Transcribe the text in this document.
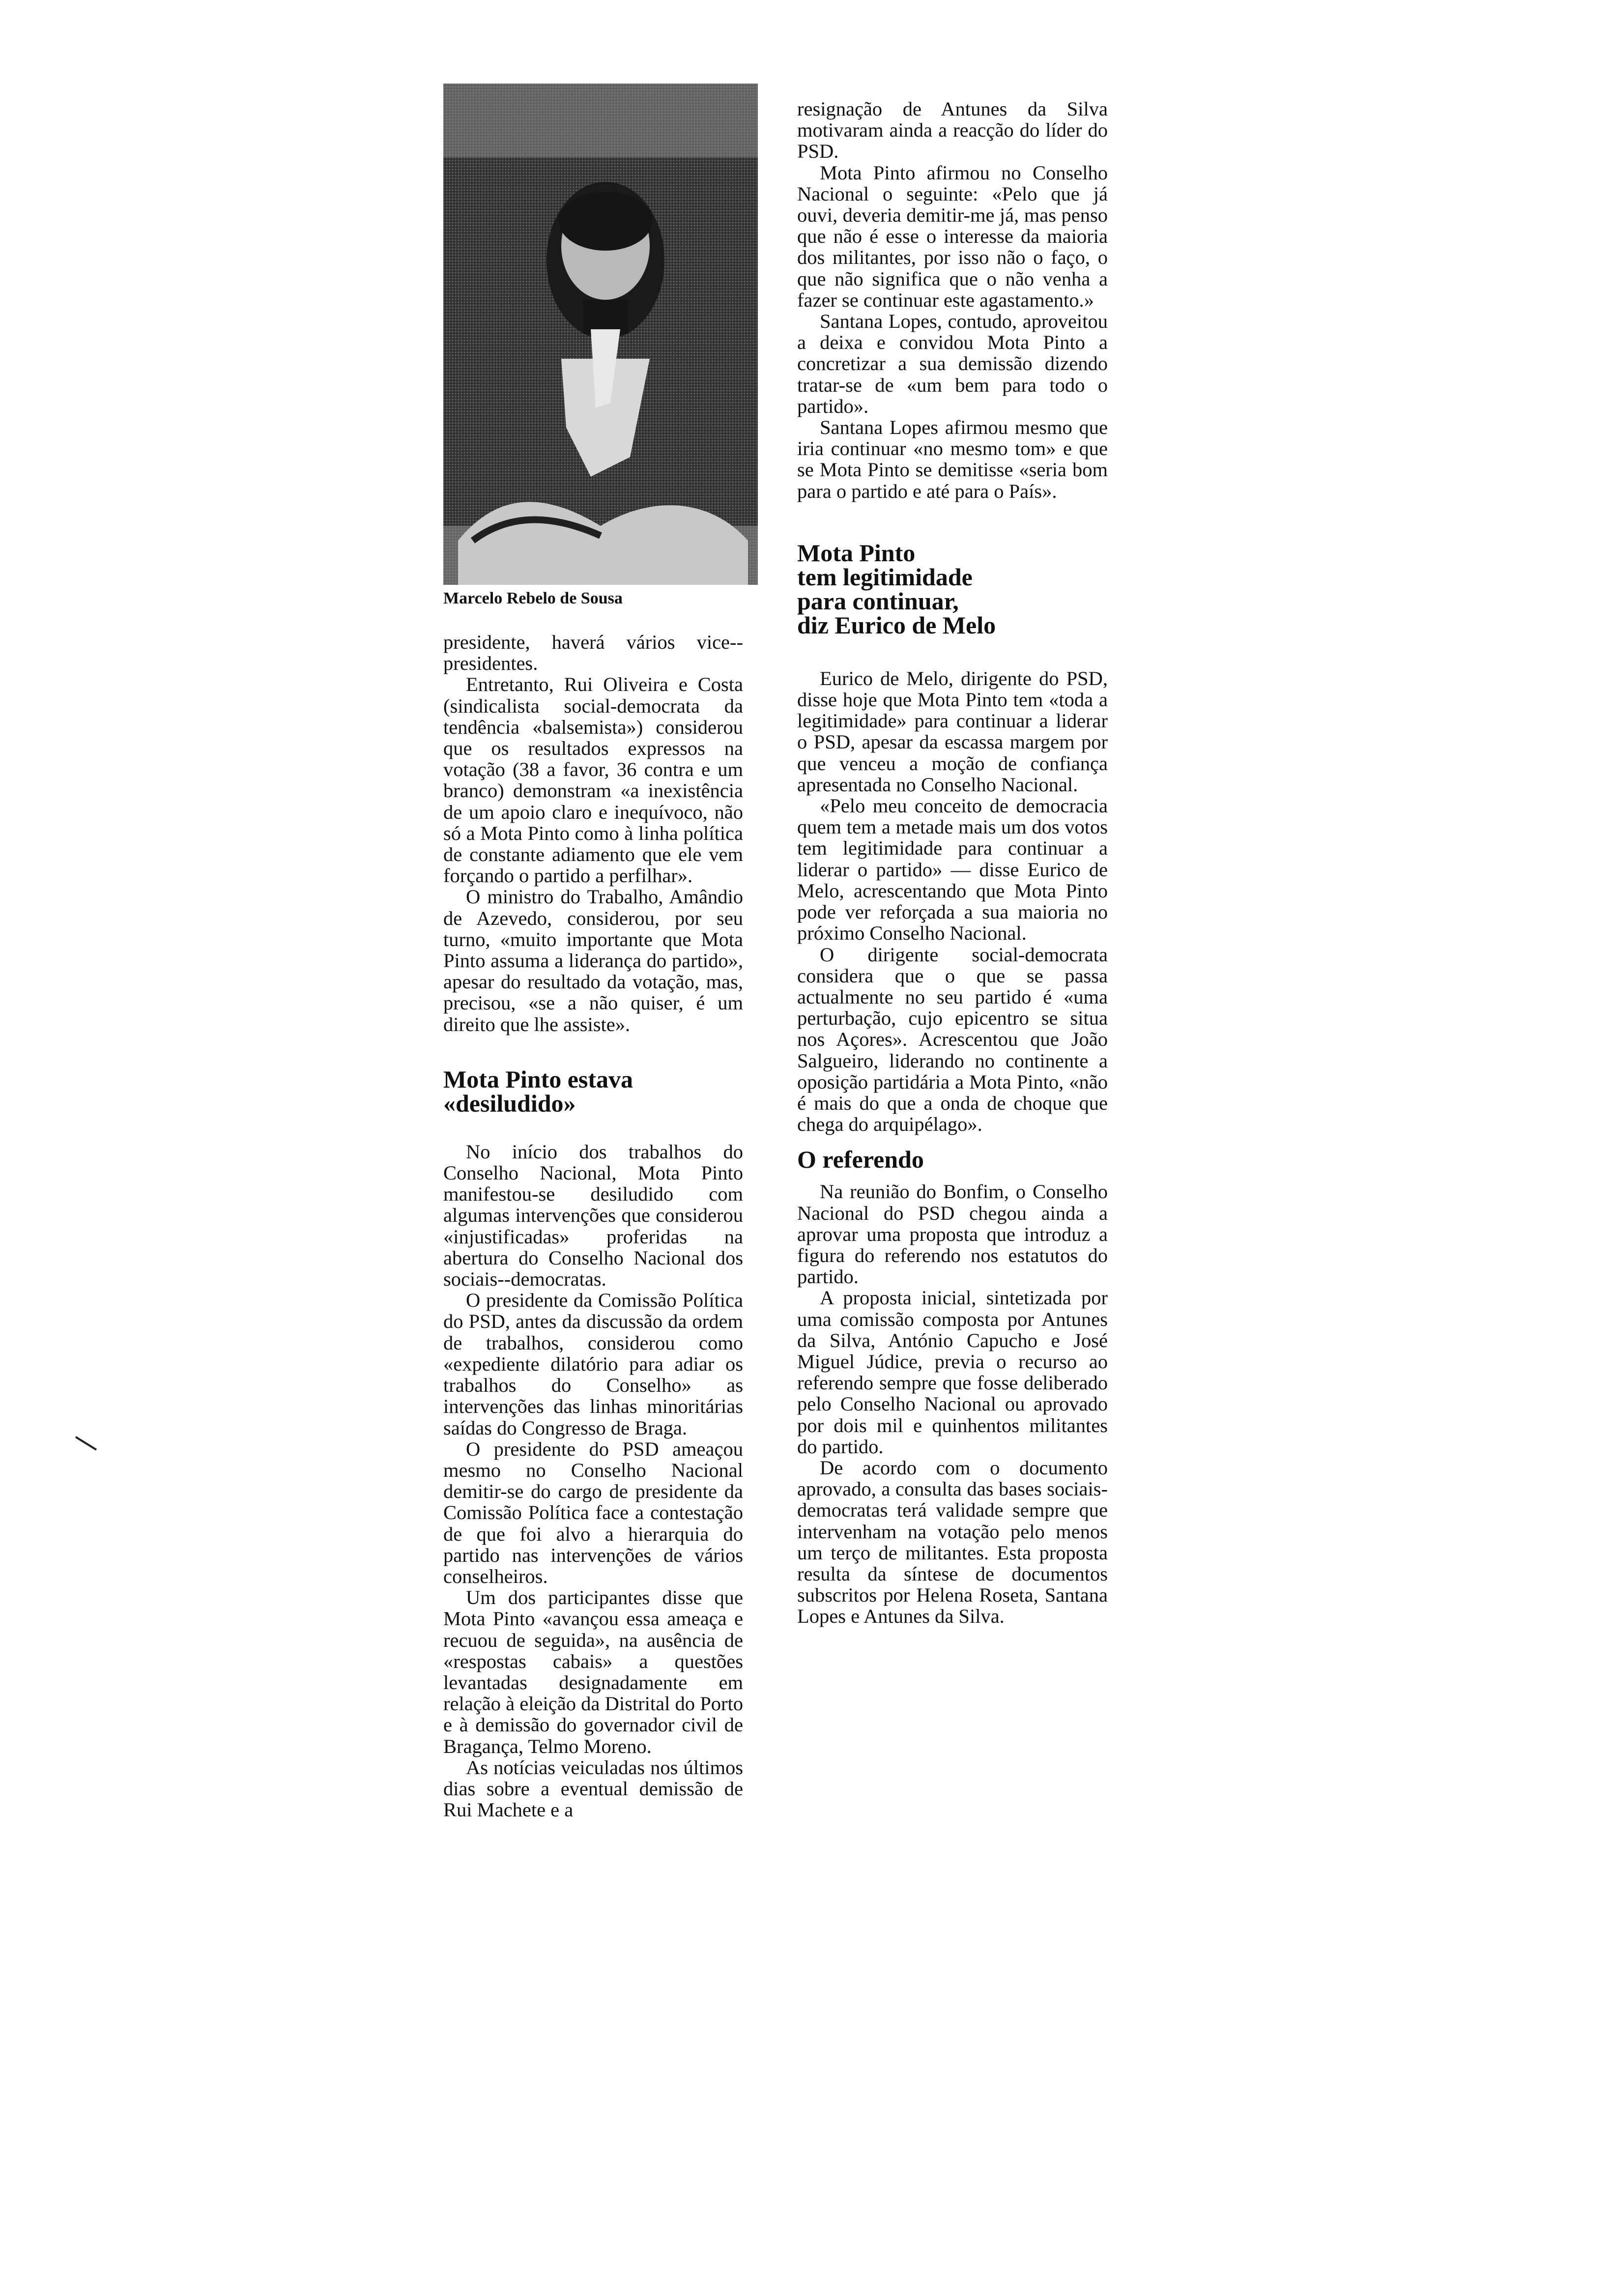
Marcelo Rebelo de Sousa

presidente, haverá vários vice--presidentes.

Entretanto, Rui Oliveira e Costa (sindicalista social-democrata da tendência «balsemista») considerou que os resultados expressos na votação (38 a favor, 36 contra e um branco) demonstram «a inexistência de um apoio claro e inequívoco, não só a Mota Pinto como à linha política de constante adiamento que ele vem forçando o partido a perfilhar».

O ministro do Trabalho, Amândio de Azevedo, considerou, por seu turno, «muito importante que Mota Pinto assuma a liderança do partido», apesar do resultado da votação, mas, precisou, «se a não quiser, é um direito que lhe assiste».

Mota Pinto estava
«desiludido»

No início dos trabalhos do Conselho Nacional, Mota Pinto manifestou-se desiludido com algumas intervenções que considerou «injustificadas» proferidas na abertura do Conselho Nacional dos sociais--democratas.

O presidente da Comissão Política do PSD, antes da discussão da ordem de trabalhos, considerou como «expediente dilatório para adiar os trabalhos do Conselho» as intervenções das linhas minoritárias saídas do Congresso de Braga.

O presidente do PSD ameaçou mesmo no Conselho Nacional demitir-se do cargo de presidente da Comissão Política face a contestação de que foi alvo a hierarquia do partido nas intervenções de vários conselheiros.

Um dos participantes disse que Mota Pinto «avançou essa ameaça e recuou de seguida», na ausência de «respostas cabais» a questões levantadas designadamente em relação à eleição da Distrital do Porto e à demissão do governador civil de Bragança, Telmo Moreno.

As notícias veiculadas nos últimos dias sobre a eventual demissão de Rui Machete e a

resignação de Antunes da Silva motivaram ainda a reacção do líder do PSD.

Mota Pinto afirmou no Conselho Nacional o seguinte: «Pelo que já ouvi, deveria demitir-me já, mas penso que não é esse o interesse da maioria dos militantes, por isso não o faço, o que não significa que o não venha a fazer se continuar este agastamento.»

Santana Lopes, contudo, aproveitou a deixa e convidou Mota Pinto a concretizar a sua demissão dizendo tratar-se de «um bem para todo o partido».

Santana Lopes afirmou mesmo que iria continuar «no mesmo tom» e que se Mota Pinto se demitisse «seria bom para o partido e até para o País».

Mota Pinto
tem legitimidade
para continuar,
diz Eurico de Melo

Eurico de Melo, dirigente do PSD, disse hoje que Mota Pinto tem «toda a legitimidade» para continuar a liderar o PSD, apesar da escassa margem por que venceu a moção de confiança apresentada no Conselho Nacional.

«Pelo meu conceito de democracia quem tem a metade mais um dos votos tem legitimidade para continuar a liderar o partido» — disse Eurico de Melo, acrescentando que Mota Pinto pode ver reforçada a sua maioria no próximo Conselho Nacional.

O dirigente social-democrata considera que o que se passa actualmente no seu partido é «uma perturbação, cujo epicentro se situa nos Açores». Acrescentou que João Salgueiro, liderando no continente a oposição partidária a Mota Pinto, «não é mais do que a onda de choque que chega do arquipélago».

O referendo

Na reunião do Bonfim, o Conselho Nacional do PSD chegou ainda a aprovar uma proposta que introduz a figura do referendo nos estatutos do partido.

A proposta inicial, sintetizada por uma comissão composta por Antunes da Silva, António Capucho e José Miguel Júdice, previa o recurso ao referendo sempre que fosse deliberado pelo Conselho Nacional ou aprovado por dois mil e quinhentos militantes do partido.

De acordo com o documento aprovado, a consulta das bases sociais-democratas terá validade sempre que intervenham na votação pelo menos um terço de militantes. Esta proposta resulta da síntese de documentos subscritos por Helena Roseta, Santana Lopes e Antunes da Silva.
